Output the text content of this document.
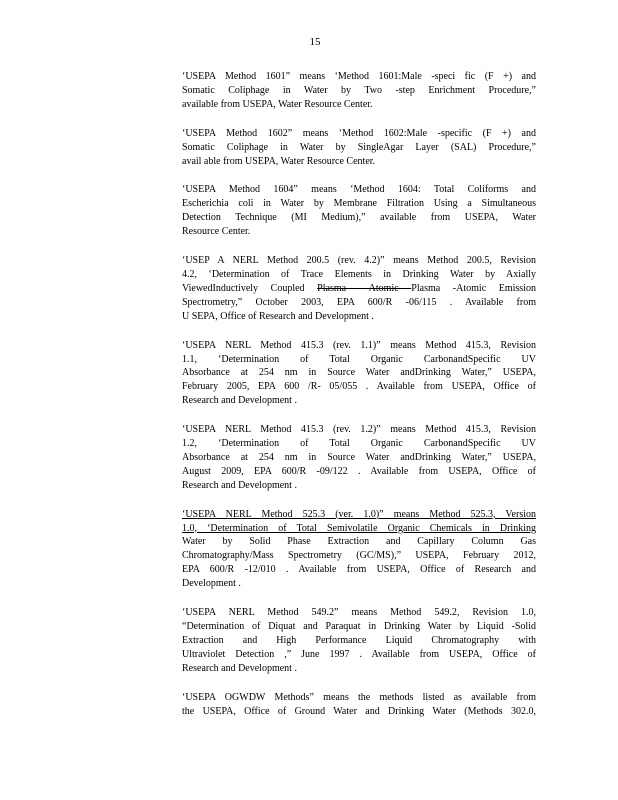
15

‘USEPA Method 1601” means ‘Method 1601:Male -speci fic (F +) and
Somatic Coliphage in Water by Two -step Enrichment Procedure,”
available from USEPA, Water Resource Center.

‘USEPA Method 1602” means ‘Method 1602:Male -specific (F +) and
Somatic Coliphage in Water by SingleAgar Layer (SAL) Procedure,”
avail able from USEPA, Water Resource Center.

‘USEPA Method 1604” means ‘Method 1604: Total Coliforms and
Escherichia coli in Water by Membrane Filtration Using a Simultaneous
Detection Technique (MI Medium),” available from USEPA, Water
Resource Center.

‘USEP A NERL Method 200.5 (rev. 4.2)” means Method 200.5, Revision
4.2, ‘Determination of Trace Elements in Drinking Water by Axially
ViewedInductively Coupled Plasma —Atomic Plasma -Atomic Emission
Spectrometry,” October 2003, EPA 600/R -06/115 . Available from
U SEPA, Office of Research and Development .

‘USEPA NERL Method 415.3 (rev. 1.1)” means Method 415.3, Revision
1.1, ‘Determination of Total Organic CarbonandSpecific UV
Absorbance at 254 nm in Source Water andDrinking Water,” USEPA,
February 2005, EPA 600 /R- 05/055 . Available from USEPA, Office of
Research and Development .

‘USEPA NERL Method 415.3 (rev. 1.2)” means Method 415.3, Revision
1.2, ‘Determination of Total Organic CarbonandSpecific UV
Absorbance at 254 nm in Source Water andDrinking Water,” USEPA,
August 2009, EPA 600/R -09/122 . Available from USEPA, Office of
Research and Development .

‘USEPA NERL Method 525.3 (ver. 1.0)” means Method 525.3, Version
1.0, ‘Determination of Total Semivolatile Organic Chemicals in Drinking
Water by Solid Phase Extraction and Capillary Column Gas
Chromatography/Mass Spectrometry (GC/MS),” USEPA, February 2012,
EPA 600/R -12/010 . Available from USEPA, Office of Research and
Development .

‘USEPA NERL Method 549.2” means Method 549.2, Revision 1.0,
“Determination of Diquat and Paraquat in Drinking Water by Liquid -Solid
Extraction and High Performance Liquid Chromatography with
Ultraviolet Detection ,” June 1997 . Available from USEPA, Office of
Research and Development .

‘USEPA OGWDW Methods” means the methods listed as available from
the USEPA, Office of Ground Water and Drinking Water (Methods 302.0,
